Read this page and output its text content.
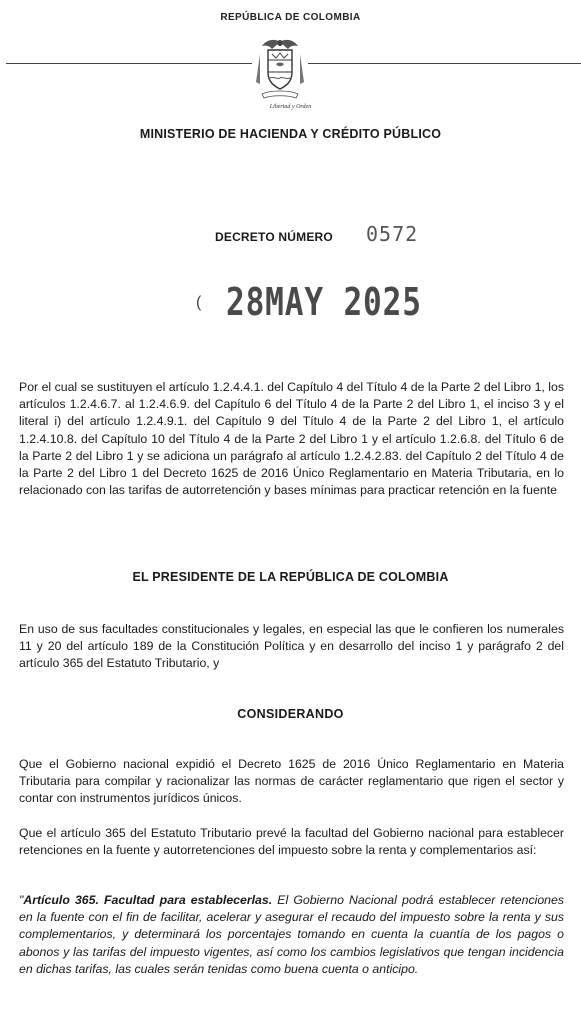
REPÚBLICA DE COLOMBIA
Libertad y Orden
MINISTERIO DE HACIENDA Y CRÉDITO PÚBLICO
DECRETO NÚMERO 0572
( 28MAY 2025
Por el cual se sustituyen el artículo 1.2.4.4.1. del Capítulo 4 del Título 4 de la Parte 2 del Libro 1, los artículos 1.2.4.6.7. al 1.2.4.6.9. del Capítulo 6 del Título 4 de la Parte 2 del Libro 1, el inciso 3 y el literal i) del artículo 1.2.4.9.1. del Capítulo 9 del Título 4 de la Parte 2 del Libro 1, el artículo 1.2.4.10.8. del Capítulo 10 del Título 4 de la Parte 2 del Libro 1 y el artículo 1.2.6.8. del Título 6 de la Parte 2 del Libro 1 y se adiciona un parágrafo al artículo 1.2.4.2.83. del Capítulo 2 del Título 4 de la Parte 2 del Libro 1 del Decreto 1625 de 2016 Único Reglamentario en Materia Tributaria, en lo relacionado con las tarifas de autorretención y bases mínimas para practicar retención en la fuente
EL PRESIDENTE DE LA REPÚBLICA DE COLOMBIA
En uso de sus facultades constitucionales y legales, en especial las que le confieren los numerales 11 y 20 del artículo 189 de la Constitución Política y en desarrollo del inciso 1 y parágrafo 2 del artículo 365 del Estatuto Tributario, y
CONSIDERANDO
Que el Gobierno nacional expidió el Decreto 1625 de 2016 Único Reglamentario en Materia Tributaria para compilar y racionalizar las normas de carácter reglamentario que rigen el sector y contar con instrumentos jurídicos únicos.
Que el artículo 365 del Estatuto Tributario prevé la facultad del Gobierno nacional para establecer retenciones en la fuente y autorretenciones del impuesto sobre la renta y complementarios así:
"Artículo 365. Facultad para establecerlas. El Gobierno Nacional podrá establecer retenciones en la fuente con el fin de facilitar, acelerar y asegurar el recaudo del impuesto sobre la renta y sus complementarios, y determinará los porcentajes tomando en cuenta la cuantía de los pagos o abonos y las tarifas del impuesto vigentes, así como los cambios legislativos que tengan incidencia en dichas tarifas, las cuales serán tenidas como buena cuenta o anticipo.
